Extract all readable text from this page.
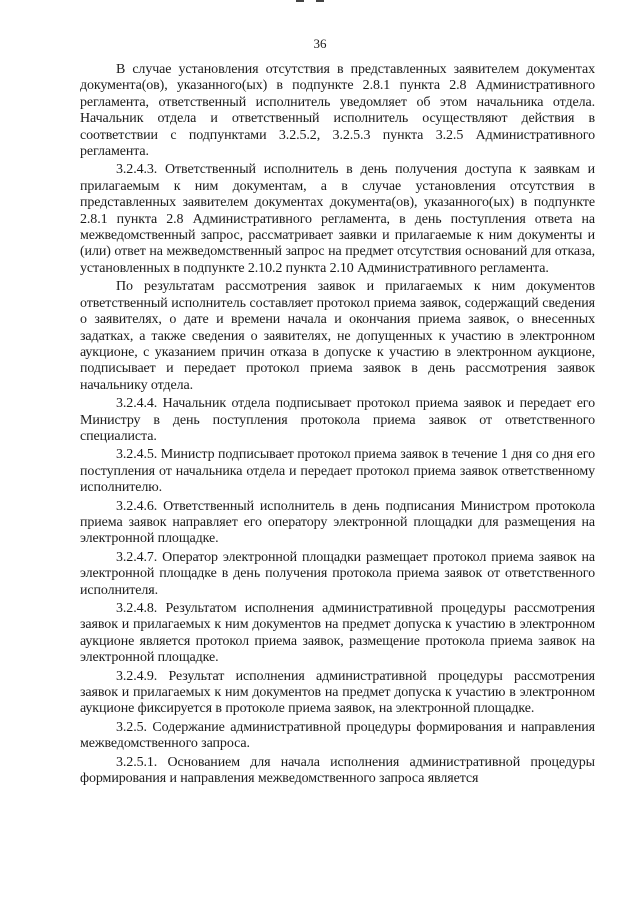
36

В случае установления отсутствия в представленных заявителем документах документа(ов), указанного(ых) в подпункте 2.8.1 пункта 2.8 Административного регламента, ответственный исполнитель уведомляет об этом начальника отдела. Начальник отдела и ответственный исполнитель осуществляют действия в соответствии с подпунктами 3.2.5.2, 3.2.5.3 пункта 3.2.5 Административного регламента.

3.2.4.3. Ответственный исполнитель в день получения доступа к заявкам и прилагаемым к ним документам, а в случае установления отсутствия в представленных заявителем документах документа(ов), указанного(ых) в подпункте 2.8.1 пункта 2.8 Административного регламента, в день поступления ответа на межведомственный запрос, рассматривает заявки и прилагаемые к ним документы и (или) ответ на межведомственный запрос на предмет отсутствия оснований для отказа, установленных в подпункте 2.10.2 пункта 2.10 Административного регламента.

По результатам рассмотрения заявок и прилагаемых к ним документов ответственный исполнитель составляет протокол приема заявок, содержащий сведения о заявителях, о дате и времени начала и окончания приема заявок, о внесенных задатках, а также сведения о заявителях, не допущенных к участию в электронном аукционе, с указанием причин отказа в допуске к участию в электронном аукционе, подписывает и передает протокол приема заявок в день рассмотрения заявок начальнику отдела.

3.2.4.4. Начальник отдела подписывает протокол приема заявок и передает его Министру в день поступления протокола приема заявок от ответственного специалиста.

3.2.4.5. Министр подписывает протокол приема заявок в течение 1 дня со дня его поступления от начальника отдела и передает протокол приема заявок ответственному исполнителю.

3.2.4.6. Ответственный исполнитель в день подписания Министром протокола приема заявок направляет его оператору электронной площадки для размещения на электронной площадке.

3.2.4.7. Оператор электронной площадки размещает протокол приема заявок на электронной площадке в день получения протокола приема заявок от ответственного исполнителя.

3.2.4.8. Результатом исполнения административной процедуры рассмотрения заявок и прилагаемых к ним документов на предмет допуска к участию в электронном аукционе является протокол приема заявок, размещение протокола приема заявок на электронной площадке.

3.2.4.9. Результат исполнения административной процедуры рассмотрения заявок и прилагаемых к ним документов на предмет допуска к участию в электронном аукционе фиксируется в протоколе приема заявок, на электронной площадке.

3.2.5. Содержание административной процедуры формирования и направления межведомственного запроса.

3.2.5.1. Основанием для начала исполнения административной процедуры формирования и направления межведомственного запроса является
